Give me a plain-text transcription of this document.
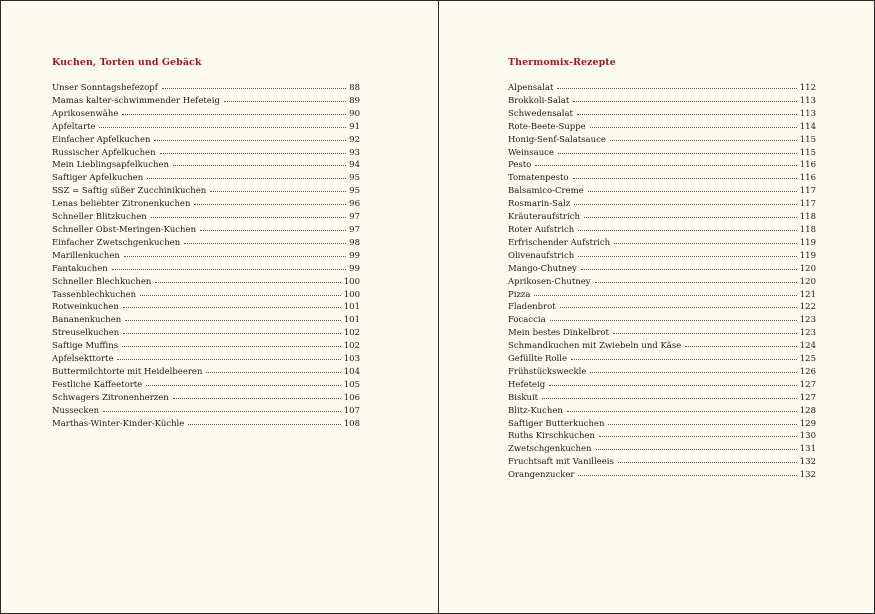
Kuchen, Torten und Gebäck
Unser Sonntagshefezopf	88
Mamas kalter-schwimmender Hefeteig	89
Aprikosenwähe	90
Apfeltarte	91
Einfacher Apfelkuchen	92
Russischer Apfelkuchen	93
Mein Lieblingsapfelkuchen	94
Saftiger Apfelkuchen	95
SSZ = Saftig süßer Zucchinikuchen	95
Lenas beliebter Zitronenkuchen	96
Schneller Blitzkuchen	97
Schneller Obst-Meringen-Kuchen	97
Einfacher Zwetschgenkuchen	98
Marillenkuchen	99
Fantakuchen	99
Schneller Blechkuchen	100
Tassenblechkuchen	100
Rotweinkuchen	101
Bananenkuchen	101
Streuselkuchen	102
Saftige Muffins	102
Apfelsekttorte	103
Buttermilchtorte mit Heidelbeeren	104
Festliche Kaffeetorte	105
Schwagers Zitronenherzen	106
Nussecken	107
Marthas-Winter-Kinder-Küchle	108
Thermomix-Rezepte
Alpensalat	112
Brokkoli-Salat	113
Schwedensalat	113
Rote-Beete-Suppe	114
Honig-Senf-Salatsauce	115
Weinsauce	115
Pesto	116
Tomatenpesto	116
Balsamico-Creme	117
Rosmarin-Salz	117
Kräuteraufstrich	118
Roter Aufstrich	118
Erfrischender Aufstrich	119
Olivenaufstrich	119
Mango-Chutney	120
Aprikosen-Chutney	120
Pizza	121
Fladenbrot	122
Focaccia	123
Mein bestes Dinkelbrot	123
Schmandkuchen mit Zwiebeln und Käse	124
Gefüllte Rolle	125
Frühstücksweckle	126
Hefeteig	127
Biskuit	127
Blitz-Kuchen	128
Saftiger Butterkuchen	129
Ruths Kirschkuchen	130
Zwetschgenkuchen	131
Fruchtsaft mit Vanilleeis	132
Orangenzucker	132
